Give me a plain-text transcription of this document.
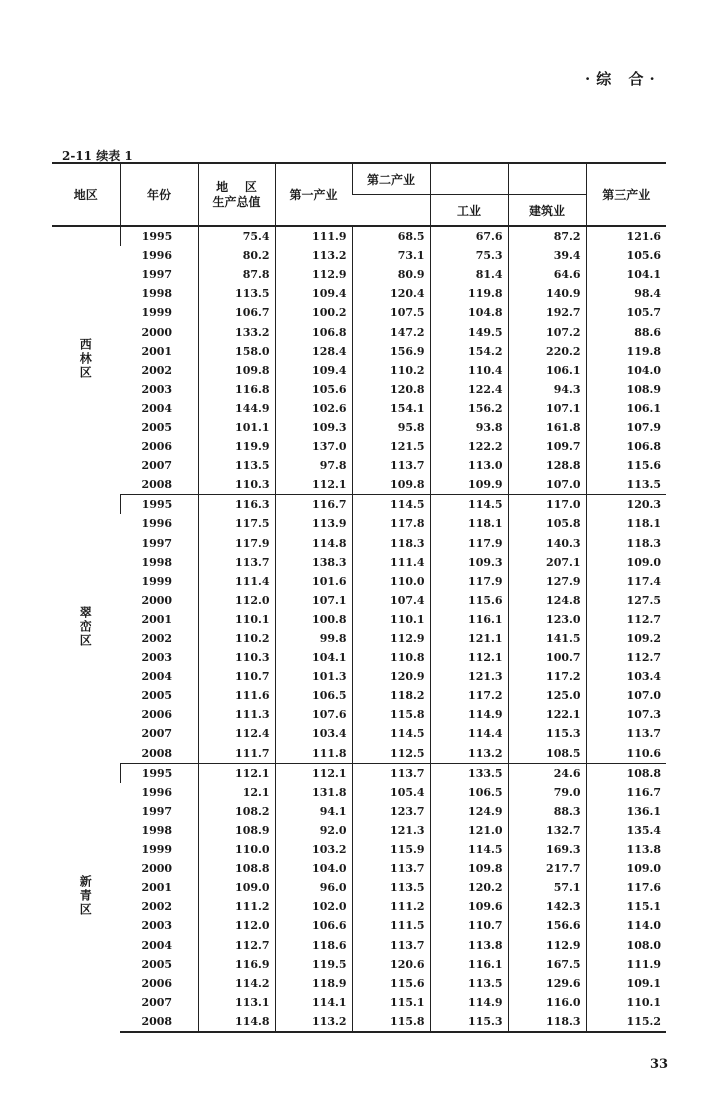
·综 合·
2-11 续表 1
地区	年份	地    区
生产总值	第一产业	第二产业			第三产业
					工业	建筑业	
西林区	1995	75.4	111.9	68.5	67.6	87.2	121.6
	1996	80.2	113.2	73.1	75.3	39.4	105.6
	1997	87.8	112.9	80.9	81.4	64.6	104.1
	1998	113.5	109.4	120.4	119.8	140.9	98.4
	1999	106.7	100.2	107.5	104.8	192.7	105.7
	2000	133.2	106.8	147.2	149.5	107.2	88.6
	2001	158.0	128.4	156.9	154.2	220.2	119.8
	2002	109.8	109.4	110.2	110.4	106.1	104.0
	2003	116.8	105.6	120.8	122.4	94.3	108.9
	2004	144.9	102.6	154.1	156.2	107.1	106.1
	2005	101.1	109.3	95.8	93.8	161.8	107.9
	2006	119.9	137.0	121.5	122.2	109.7	106.8
	2007	113.5	97.8	113.7	113.0	128.8	115.6
	2008	110.3	112.1	109.8	109.9	107.0	113.5
翠峦区	1995	116.3	116.7	114.5	114.5	117.0	120.3
	1996	117.5	113.9	117.8	118.1	105.8	118.1
	1997	117.9	114.8	118.3	117.9	140.3	118.3
	1998	113.7	138.3	111.4	109.3	207.1	109.0
	1999	111.4	101.6	110.0	117.9	127.9	117.4
	2000	112.0	107.1	107.4	115.6	124.8	127.5
	2001	110.1	100.8	110.1	116.1	123.0	112.7
	2002	110.2	99.8	112.9	121.1	141.5	109.2
	2003	110.3	104.1	110.8	112.1	100.7	112.7
	2004	110.7	101.3	120.9	121.3	117.2	103.4
	2005	111.6	106.5	118.2	117.2	125.0	107.0
	2006	111.3	107.6	115.8	114.9	122.1	107.3
	2007	112.4	103.4	114.5	114.4	115.3	113.7
	2008	111.7	111.8	112.5	113.2	108.5	110.6
新青区	1995	112.1	112.1	113.7	133.5	24.6	108.8
	1996	12.1	131.8	105.4	106.5	79.0	116.7
	1997	108.2	94.1	123.7	124.9	88.3	136.1
	1998	108.9	92.0	121.3	121.0	132.7	135.4
	1999	110.0	103.2	115.9	114.5	169.3	113.8
	2000	108.8	104.0	113.7	109.8	217.7	109.0
	2001	109.0	96.0	113.5	120.2	57.1	117.6
	2002	111.2	102.0	111.2	109.6	142.3	115.1
	2003	112.0	106.6	111.5	110.7	156.6	114.0
	2004	112.7	118.6	113.7	113.8	112.9	108.0
	2005	116.9	119.5	120.6	116.1	167.5	111.9
	2006	114.2	118.9	115.6	113.5	129.6	109.1
	2007	113.1	114.1	115.1	114.9	116.0	110.1
	2008	114.8	113.2	115.8	115.3	118.3	115.2
33
